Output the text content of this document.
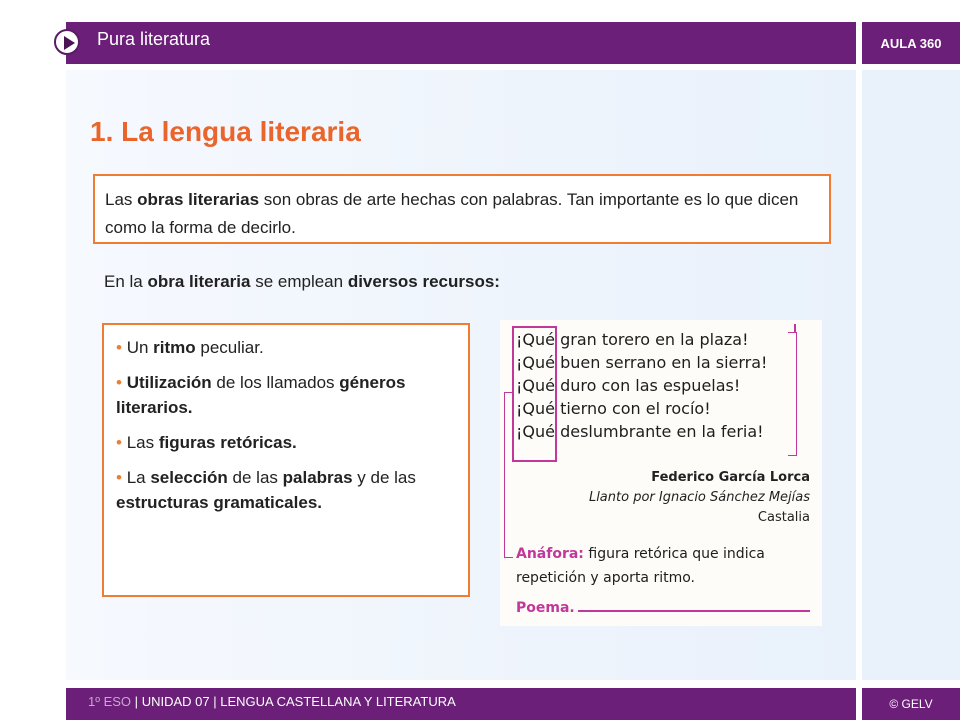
Pura literatura	AULA 360
1. La lengua literaria
Las obras literarias son obras de arte hechas con palabras. Tan importante es lo que dicen como la forma de decirlo.
En la obra literaria se emplean diversos recursos:

• Un ritmo peculiar.

• Utilización de los llamados géneros literarios.

• Las figuras retóricas.

• La selección de las palabras y de las estructuras gramaticales.

¡Qué gran torero en la plaza!
¡Qué buen serrano en la sierra!
¡Qué duro con las espuelas!
¡Qué tierno con el rocío!
¡Qué deslumbrante en la feria!
Federico García Lorca
Llanto por Ignacio Sánchez Mejías
Castalia
Anáfora: figura retórica que indica repetición y aporta ritmo.
Poema.
1º ESO | UNIDAD 07 | LENGUA CASTELLANA Y LITERATURA	© GELV
